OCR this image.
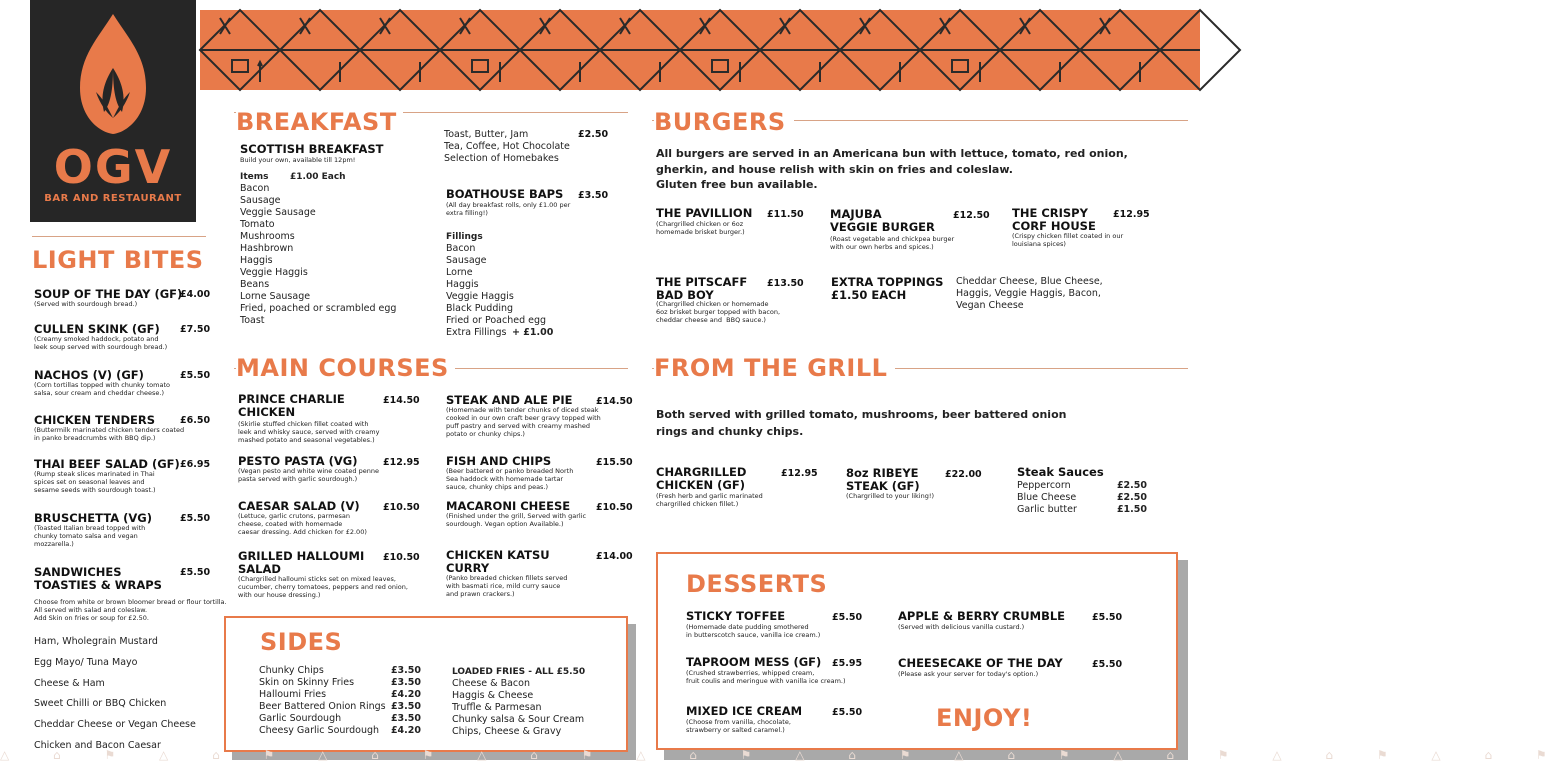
OGV
BAR AND RESTAURANT
LIGHT BITES
SOUP OF THE DAY (GF)
£4.00
(Served with sourdough bread.)
CULLEN SKINK (GF) £7.50
(Creamy smoked haddock, potato and
leek soup served with sourdough bread.)
NACHOS (V) (GF)	£5.50
(Corn tortillas topped with chunky tomato
salsa, sour cream and cheddar cheese.)
CHICKEN TENDERS	£6.50
(Buttermilk marinated chicken tenders coated
in panko breadcrumbs with BBQ dip.)
THAI BEEF SALAD (GF) £6.95
(Rump steak slices marinated in Thai
spices set on seasonal leaves and
sesame seeds with sourdough toast.)
BRUSCHETTA (VG)	£5.50
(Toasted Italian bread topped with
chunky tomato salsa and vegan
mozzarella.)
SANDWICHES
TOASTIES & WRAPS
£5.50
Choose from white or brown bloomer bread or flour tortilla.
All served with salad and coleslaw.
Add Skin on fries or soup for £2.50.
Ham, Wholegrain Mustard
Egg Mayo/ Tuna Mayo
Cheese & Ham
Sweet Chilli or BBQ Chicken
Cheddar Cheese or Vegan Cheese
Chicken and Bacon Caesar
BREAKFAST
SCOTTISH BREAKFAST
Build your own, available till 12pm!
Items £1.00 Each
Bacon
Sausage
Veggie Sausage
Tomato
Mushrooms
Hashbrown
Haggis
Veggie Haggis
Beans
Lorne Sausage
Fried, poached or scrambled egg
Toast
Toast, Butter, Jam
Tea, Coffee, Hot Chocolate
Selection of Homebakes
£2.50
BOATHOUSE BAPS £3.50
(All day breakfast rolls, only £1.00 per
extra filling!)
Fillings
Bacon
Sausage
Lorne
Haggis
Veggie Haggis
Black Pudding
Fried or Poached egg
Extra Fillings + £1.00
MAIN COURSES
PRINCE CHARLIE
CHICKEN
£14.50
(Skirlie stuffed chicken fillet coated with
leek and whisky sauce, served with creamy
mashed potato and seasonal vegetables.)
PESTO PASTA (VG)	£12.95
(Vegan pesto and white wine coated penne
pasta served with garlic sourdough.)
CAESAR SALAD (V) £10.50
(Lettuce, garlic crutons, parmesan
cheese, coated with homemade
caesar dressing. Add chicken for £2.00)
GRILLED HALLOUMI
SALAD
£10.50
(Chargrilled halloumi sticks set on mixed leaves,
cucumber, cherry tomatoes, peppers and red onion,
with our house dressing.)
STEAK AND ALE PIE £14.50
(Homemade with tender chunks of diced steak
cooked in our own craft beer gravy topped with
puff pastry and served with creamy mashed
potato or chunky chips.)
FISH AND CHIPS	£15.50
(Beer battered or panko breaded North
Sea haddock with homemade tartar
sauce, chunky chips and peas.)
MACARONI CHEESE	£10.50
(Finished under the grill, Served with garlic
sourdough. Vegan option Available.)
CHICKEN KATSU
CURRY
£14.00
(Panko breaded chicken fillets served
with basmati rice, mild curry sauce
and prawn crackers.)
SIDES
Chunky Chips	£3.50
Skin on Skinny Fries	£3.50
Halloumi Fries	£4.20
Beer Battered Onion Rings £3.50
Garlic Sourdough	£3.50
Cheesy Garlic Sourdough £4.20
LOADED FRIES - ALL £5.50
Cheese & Bacon
Haggis & Cheese
Truffle & Parmesan
Chunky salsa & Sour Cream
Chips, Cheese & Gravy
BURGERS
All burgers are served in an Americana bun with lettuce, tomato, red onion,
gherkin, and house relish with skin on fries and coleslaw.
Gluten free bun available.
THE PAVILLION £11.50
(Chargrilled chicken or 6oz
homemade brisket burger.)
MAJUBA
VEGGIE BURGER
£12.50
(Roast vegetable and chickpea burger
with our own herbs and spices.)
THE CRISPY
CORF HOUSE
£12.95
(Crispy chicken fillet coated in our
louisiana spices)
THE PITSCAFF
BAD BOY
£13.50
(Chargrilled chicken or homemade
6oz brisket burger topped with bacon,
cheddar cheese and  BBQ sauce.)
EXTRA TOPPINGS
£1.50 EACH
Cheddar Cheese, Blue Cheese,
Haggis, Veggie Haggis, Bacon,
Vegan Cheese
FROM THE GRILL
Both served with grilled tomato, mushrooms, beer battered onion
rings and chunky chips.
CHARGRILLED
CHICKEN (GF)
£12.95
(Fresh herb and garlic marinated
chargrilled chicken fillet.)
8oz RIBEYE
STEAK (GF)
£22.00
(Chargrilled to your liking!)
Steak Sauces
Peppercorn	£2.50
Blue Cheese	£2.50
Garlic butter	£1.50
DESSERTS
STICKY TOFFEE	£5.50
(Homemade date pudding smothered
in butterscotch sauce, vanilla ice cream.)
APPLE & BERRY CRUMBLE	£5.50
(Served with delicious vanilla custard.)
TAPROOM MESS (GF) £5.95
(Crushed strawberries, whipped cream,
fruit coulis and meringue with vanilla ice cream.)
CHEESECAKE OF THE DAY	£5.50
(Please ask your server for today's option.)
MIXED ICE CREAM	£5.50
(Choose from vanilla, chocolate,
strawberry or salted caramel.)	ENJOY!
△ ⌂ ⚑ △ ⌂ ⚑ △ ⌂ ⚑ △ ⌂ ⚑ △ ⌂ ⚑ △ ⌂ ⚑ △ ⌂ ⚑ △ ⌂ ⚑ △ ⌂ ⚑ △ ⌂ ⚑
